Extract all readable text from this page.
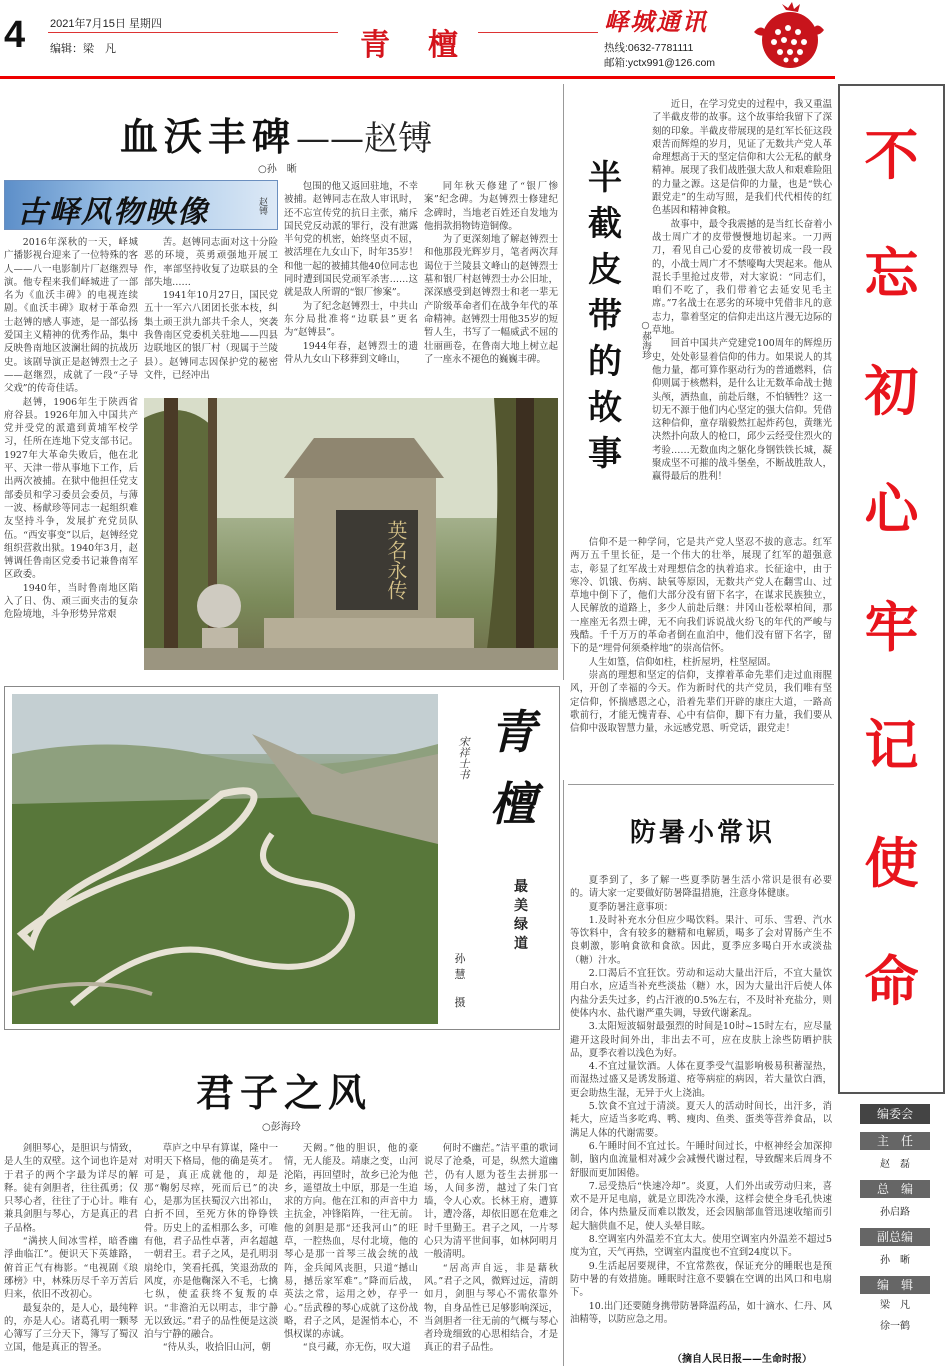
4 2021年7月15日 星期四
编辑：梁　凡	青　檀
峄城通讯
热线:0632-7781111
邮箱:yctx991@126.com
不
忘
初
心
牢
记
使
命
编委会
主　任
赵　磊
总　编
孙启路
副总编
孙　晰
编　辑
梁　凡
徐一鹤
血沃丰碑——赵镈
○孙　晰
古峄风物映像	赵镈

2016年深秋的一天，峄城广播影视台迎来了一位特殊的客人——八一电影制片厂赵继烈导演。他专程来我们峄城进了一部名为《血沃丰碑》的电视连续剧。《血沃丰碑》取材于革命烈士赵镈的感人事迹，是一部弘扬爱国主义精神的优秀作品，集中反映鲁南地区波澜壮阔的抗战历史。该剧导演正是赵镈烈士之子——赵继烈，成就了一段“子导父戏”的传奇佳话。

赵镈，1906年生于陕西省府谷县。1926年加入中国共产党并受党的派遣到黄埔军校学习，任所在连地下党支部书记。1927年大革命失败后，他在北平、天津一带从事地下工作，后出两次被捕。在狱中他担任党支部委员和学习委员会委员，与薄一波、杨献珍等同志一起组织难友坚持斗争，发展扩充党员队伍。“西安事变”以后，赵镈经党组织营救出狱。1940年3月，赵镈调任鲁南区党委书记兼鲁南军区政委。

1940年，当时鲁南地区陷入了日、伪、顽三面夹击的复杂危险境地，斗争形势异常艰

苦。赵镈同志面对这十分险恶的环境，英勇顽强地开展工作，率部坚持收复了边联县的全部失地……

1941年10月27日，国民党五十一军六八团团长张本枝，纠集土顽王洪九部共千余人，突袭我鲁南区党委机关驻地——四县边联地区的银厂村（现属于兰陵县）。赵镈同志因保护党的秘密文件，已经冲出

包围的他又返回驻地，不幸被捕。赵镈同志在敌人审讯时，还不忘宣传党的抗日主张，痛斥国民党反动派的罪行，没有泄露半句党的机密，始终坚贞不屈，被活埋在九女山下，时年35岁！和他一起的被捕其他40位同志也同时遭到国民党顽军杀害……这就是敌人所谓的“银厂惨案”。

为了纪念赵镈烈士，中共山东分局批准将“边联县”更名为“赵镈县”。

1944年春，赵镈烈士的遗骨从九女山下移葬到文峰山，

同年秋天修建了“银厂惨案”纪念碑。为赵镈烈士修建纪念碑时，当地老百姓还自发地为他捐款捐物铸造铜像。

为了更深刻地了解赵镈烈士和他那段光辉岁月，笔者两次拜谒位于兰陵县文峰山的赵镈烈士墓和银厂村赵镈烈士办公旧址，深深感受到赵镈烈士和老一辈无产阶级革命者们在战争年代的革命精神。赵镈烈士用他35岁的短暂人生，书写了一幅威武不屈的壮丽画卷，在鲁南大地上树立起了一座永不褪色的巍巍丰碑。

英名永传
半
截
皮
带
的
故
事
○郝海珍

近日，在学习党史的过程中，我又重温了半截皮带的故事。这个故事给我留下了深刻的印象。半截皮带展现的是红军长征这段艰苦而辉煌的岁月，见证了无数共产党人革命理想高于天的坚定信仰和大公无私的献身精神。展现了我们战胜强大敌人和艰难险阻的力量之源。这是信仰的力量，也是“铁心跟党走”的生动写照，是我们代代相传的红色基因和精神食粮。

故事中，最令我震撼的是当红长奋着小战士周广才的皮带慢慢地切起来。一刀两刀，看见自己心爱的皮带被切成一段一段的，小战士周广才不禁嚎啕大哭起来。他从混长手里抢过皮带，对大家说：“同志们，咱们不吃了，我们带着它去延安见毛主席。”7名战士在恶劣的环境中凭借非凡的意志力，靠着坚定的信仰走出这片漫无边际的草地。

回首中国共产党建党100周年的辉煌历史，处处彰显着信仰的伟力。如果说人的其他力量，都可算作驱动行为的普通燃料，信仰则属于核燃料，是什么让无数革命战士抛头颅，洒热血，前赴后继，不怕牺牲？这一切无不源于他们内心坚定的强大信仰。凭借这种信仰，童存瑞毅然扛起炸药包，黄继光决然扑向敌人的枪口，邱少云经受住烈火的考验……无数血肉之躯化身钢铁铁长城，凝聚成坚不可摧的战斗堡垒，不断战胜敌人，赢得最后的胜利！

信仰不是一种学问，它是共产党人坚忍不拔的意志。红军两万五千里长征，是一个伟大的壮举，展现了红军的超强意志，彰显了红军战士对理想信念的执着追求。长征途中，由于寒冷、饥饿、伤病、缺氧等原因，无数共产党人在翻雪山、过草地中倒下了，他们大部分没有留下名字，在谋求民族独立，人民解放的道路上，多少人前赴后继：井冈山苍松翠柏间，那一座座无名烈士碑，无不向我们诉说战火纷飞的年代的严峻与残酷。千千万万的革命者倒在血泊中，他们没有留下名字，留下的是“埋骨何须桑梓地”的崇高信怀。

人生如篁，信仰如柱，柱折屋坍，柱坚屋固。

崇高的理想和坚定的信仰，支撑着革命先辈们走过血雨腥风，开创了幸福的今天。作为新时代的共产党员，我们唯有坚定信仰，怀揣感恩之心，沿着先辈们开辟的康庄大道，一路高歌前行，才能无愧青春、心中有信仰，脚下有力量，我们要从信仰中汲取智慧力量，永远感党恩、听党话，跟党走！

青
檀
宋祥士书
最
美
绿
道
孙
慧
摄
防暑小常识

夏季到了，多了解一些夏季防暑生活小常识是很有必要的。请大家一定要做好防暑降温措施，注意身体健康。

夏季防暑注意事项：

1.及时补充水分但应少喝饮料。果汁、可乐、雪碧、汽水等饮料中，含有较多的糖精和电解质，喝多了会对胃肠产生不良刺激，影响食欲和食欲。因此，夏季应多喝白开水或淡盐（糖）汁水。

2.口渴后不宜狂饮。劳动和运动大量出汗后，不宜大量饮用白水，应适当补充些淡盐（糖）水，因为大量出汗后使人体内盐分丢失过多，约占汗液的0.5%左右，不及时补充盐分，则使体内水、盐代谢严重失调，导致代谢紊乱。

3.太阳短波辐射最强烈的时间是10时~15时左右，应尽量避开这段时间外出，非出去不可，应在皮肤上涂些防晒护肤品，夏季衣着以浅色为好。

4.不宜过量饮酒。人体在夏季受气温影响极易积蓄湿热，而湿热过盛又是诱发肠道、疮等病症的病因，若大量饮白酒，更会助热生湿，无异于火上浇油。

5.饮食不宜过于清淡。夏天人的活动时间长，出汗多，消耗大，应适当多吃鸡、鸭、瘦肉、鱼类、蛋类等营养食品，以满足人体的代谢需要。

6.午睡时间不宜过长。午睡时间过长，中枢神经会加深抑制，脑内血流量相对减少会减慢代谢过程，导致醒来后周身不舒服而更加困倦。

7.忌受热后“快速冷却”。炎夏，人们外出或劳动归来，喜欢不是开足电扇，就是立即洗冷水澡，这样会使全身毛孔快速闭合，体内热量反而难以散发，还会因脑部血管迅速收缩而引起大脑供血不足，使人头晕目眩。

8.空调室内外温差不宜太大。使用空调室内外温差不超过5度为宜，天气再热，空调室内温度也不宜到24度以下。

9.生活起居要规律，不宜常熬夜，保证充分的睡眠也是预防中暑的有效措施。睡眠时注意不要躺在空调的出风口和电扇下。

10.出门还要随身携带防暑降温药品，如十滴水、仁丹、风油精等，以防应急之用。

（摘自人民日报——生命时报）
君子之风
○彭海玲

剑胆琴心，是胆识与情致，是人生的双壁。这个词也许是对于君子的两个字最为详尽的解释。徒有剑胆者，往往孤勇；仅只琴心者，往往了于心计。唯有兼具剑胆与琴心，方是真正的君子品格。

“满挟人间冰雪样，暗香幽浮曲临江”。便识天下英雄路，俯首正气有梅影。“电视剧《琅琊榜》中，林殊历尽千辛万苦后归来，依旧不改初心。

最复杂的，是人心，最纯粹的，亦是人心。诸葛孔明一颗琴心簿写了三分天下，簿写了蜀汉立国，他是真正的智圣。

草庐之中早有算谋，隆中一对明天下格局，他的确是英才。可是，真正成就他的，却是那“鞠躬尽瘁，死而后已”的决心，是那为匡扶蜀汉六出祁山，白折不回，至死方休的铮铮铁骨。历史上的孟相那么多，可唯有他，君子品性卓著，声名超越一朝君王。君子之风，是孔明羽扇纶巾，笑看托孤，笑退劲敌的风度，亦是他鞠深入不毛，七擒七纵，使孟获终不复叛的卓识。“非澹泊无以明志，非宁静无以致远。”君子的品性便是这淡泊与宁静的融合。

“待从头，收拾旧山河，朝

天阙。”他的胆识，他的豪情，无人能及。靖康之变，山河沦陷，再回望时，故乡已沦为他乡，遥望故土中原，那是一生追求的方向。他在江和的声音中力主抗金，冲锋陷阵，一往无前。他的剑胆是那“还我河山”的旺草，一腔热血，尽付北境，他的琴心是那一首琴三战会统的战阵，金兵闻风丧胆，只道“撼山易，撼岳家军难”。”降而后战，英法之常，运用之妙，存乎一心。”岳武穆的琴心成就了这份战略，君子之风，是渥悄本心，不惧权谋的赤诚。

“良弓藏，亦无伤，叹大道

何时不幽茫。”洁平重的歌词说尽了沧桑，可是，纵然大道幽芒，仍有人愿为苍生去拼那一场，人间多涝，越过了朱门官墙，令人心欢。长林王府，遭算计，遭冷落，却依旧愿在危难之时千里勤王。君子之风，一片琴心只为清平世间事，如林阿明月一般清明。

“居高声自远，非是藉秋风。”君子之风，微辉过远，清朗如月，剑胆与琴心不需依靠外物，自身品性已足够影响深远，当剑胆者一往无前的气概与琴心者玲珑细致的心思相结合，才是真正的君子品性。
